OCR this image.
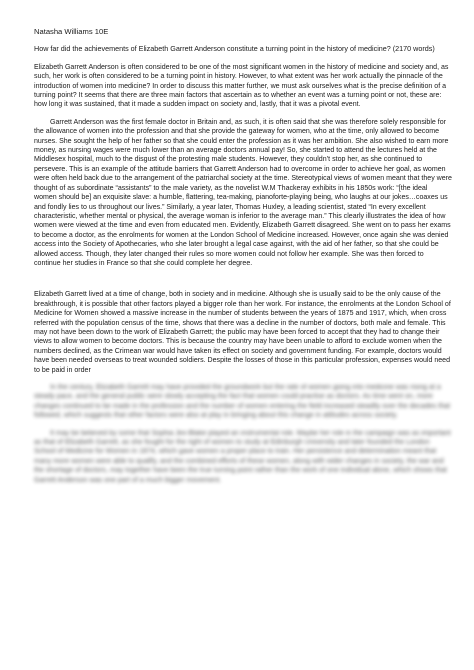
Natasha Williams 10E
How far did the achievements of Elizabeth Garrett Anderson constitute a turning point in the history of medicine? (2170 words)

Elizabeth Garrett Anderson is often considered to be one of the most significant women in the history of medicine and society and, as such, her work is often considered to be a turning point in history. However, to what extent was her work actually the pinnacle of the introduction of women into medicine? In order to discuss this matter further, we must ask ourselves what is the precise definition of a turning point? It seems that there are three main factors that ascertain as to whether an event was a turning point or not, these are: how long it was sustained, that it made a sudden impact on society and, lastly, that it was a pivotal event.

Garrett Anderson was the first female doctor in Britain and, as such, it is often said that she was therefore solely responsible for the allowance of women into the profession and that she provide the gateway for women, who at the time, only allowed to become nurses. She sought the help of her father so that she could enter the profession as it was her ambition. She also wished to earn more money, as nursing wages were much lower than an average doctors annual pay! So, she started to attend the lectures held at the Middlesex hospital, much to the disgust of the protesting male students. However, they couldn’t stop her, as she continued to persevere. This is an example of the attitude barriers that Garrett Anderson had to overcome in order to achieve her goal, as women were often held back due to the arrangement of the patriarchal society at the time. Stereotypical views of women meant that they were thought of as subordinate “assistants” to the male variety, as the novelist W.M Thackeray exhibits in his 1850s work: “[the ideal women should be] an exquisite slave: a humble, flattering, tea-making, pianoforte-playing being, who laughs at our jokes…coaxes us and fondly lies to us throughout our lives.” Similarly, a year later, Thomas Huxley, a leading scientist, stated “In every excellent characteristic, whether mental or physical, the average woman is inferior to the average man.” This clearly illustrates the idea of how women were viewed at the time and even from educated men. Evidently, Elizabeth Garrett disagreed. She went on to pass her exams to become a doctor, as the enrolments for women at the London School of Medicine increased. However, once again she was denied access into the Society of Apothecaries, who she later brought a legal case against, with the aid of her father, so that she could be allowed access. Though, they later changed their rules so more women could not follow her example. She was then forced to continue her studies in France so that she could complete her degree.

Elizabeth Garrett lived at a time of change, both in society and in medicine. Although she is usually said to be the only cause of the breakthrough, it is possible that other factors played a bigger role than her work. For instance, the enrolments at the London School of Medicine for Women showed a massive increase in the number of students between the years of 1875 and 1917, which, when cross referred with the population census of the time, shows that there was a decline in the number of doctors, both male and female. This may not have been down to the work of Elizabeth Garrett; the public may have been forced to accept that they had to change their views to allow women to become doctors. This is because the country may have been unable to afford to exclude women when the numbers declined, as the Crimean war would have taken its effect on society and government funding. For example, doctors would have been needed overseas to treat wounded soldiers. Despite the losses of those in this particular profession, expenses would need to be paid in order

In the century, Elizabeth Garrett may have provided the groundwork but the rate of women going into medicine was rising at a steady pace, and the general public were slowly accepting the fact that women could practise as doctors. As time went on, more changes continued to be made in the profession and the number of women entering the field increased steadily over the decades that followed, which suggests that other factors were also at play in bringing about this change in attitudes across society.

It may be believed by some that Sophia Jex-Blake played an instrumental role. Maybe her role in the campaign was as important as that of Elizabeth Garrett, as she fought for the right of women to study at Edinburgh University and later founded the London School of Medicine for Women in 1874, which gave women a proper place to train. Her persistence and determination meant that many more women were able to qualify, and the combined efforts of these women, along with wider changes in society, the war and the shortage of doctors, may together have been the true turning point rather than the work of one individual alone, which shows that Garrett Anderson was one part of a much bigger movement.
